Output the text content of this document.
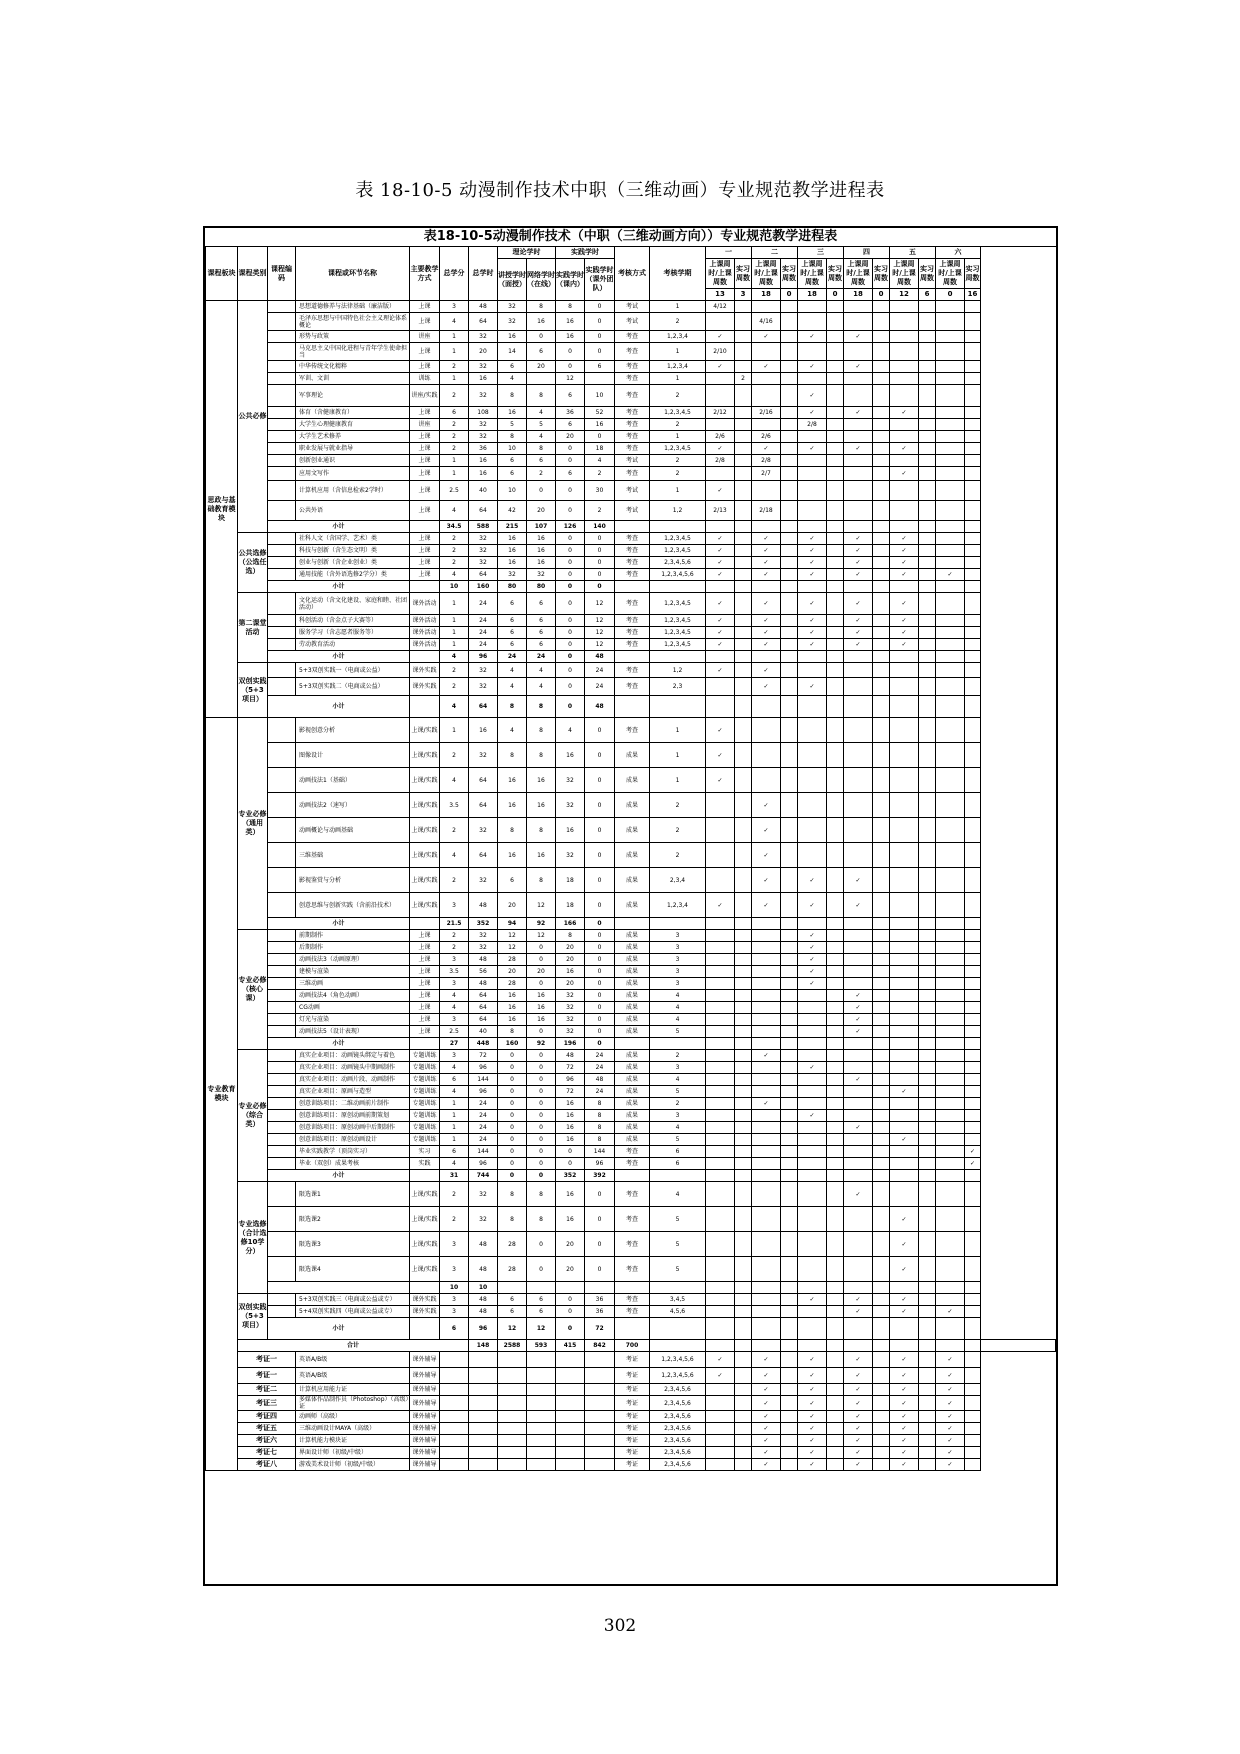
表 18-10-5 动漫制作技术中职（三维动画）专业规范教学进程表
表18-10-5动漫制作技术（中职（三维动画方向））专业规范教学进程表
课程板块	课程类别	课程编码	课程或环节名称	主要教学方式	总学分	总学时	理论学时		实践学时		考核方式	考核学期	一		二		三		四		五		六		
							讲授学时（面授）	网络学时（在线）	实践学时（课内）	实践学时（课外团队）			上课周时/上课周数	实习周数	上课周时/上课周数	实习周数	上课周时/上课周数	实习周数	上课周时/上课周数	实习周数	上课周时/上课周数	实习周数	上课周时/上课周数	实习周数	
													13	3	18	0	18	0	18	0	12	6	0	16	
思政与基础教育模块	公共必修		思想道德修养与法律基础（廉洁版）	上课	3	48	32	8	8	0	考试	1	4/12												
			毛泽东思想与中国特色社会主义理论体系概论	上课	4	64	32	16	16	0	考试	2			4/16										
			形势与政策	讲座	1	32	16	0	16	0	考查	1,2,3,4	✓		✓		✓		✓						
			马克思主义中国化进程与青年学生使命担当	上课	1	20	14	6	0	0	考查	1	2/10												
			中华传统文化精粹	上课	2	32	6	20	0	6	考查	1,2,3,4	✓		✓		✓		✓						
			军训、文训	训练	1	16	4		12		考查	1		2											
			军事理论	讲座/实践	2	32	8	8	6	10	考查	2					✓								
			体育（含健康教育）	上课	6	108	16	4	36	52	考查	1,2,3,4,5	2/12		2/16		✓		✓		✓				
			大学生心理健康教育	讲座	2	32	5	5	6	16	考查	2					2/8								
			大学生艺术修养	上课	2	32	8	4	20	0	考查	1	2/6		2/6										
			职业发展与就业指导	上课	2	36	10	8	0	18	考查	1,2,3,4,5	✓		✓		✓		✓		✓				
			创新创业通识	上课	1	16	6	6	0	4	考试	2	2/8		2/8										
			应用文写作	上课	1	16	6	2	6	2	考查	2			2/7						✓				
			计算机应用（含信息检索2学时）	上课	2.5	40	10	0	0	30	考试	1	✓												
			公共外语	上课	4	64	42	20	0	2	考试	1,2	2/13		2/18										
		小计			34.5	588	215	107	126	140															
	公共选修（公选任选）		社科人文（含国学、艺术）类	上课	2	32	16	16	0	0	考查	1,2,3,4,5	✓		✓		✓		✓		✓				
			科技与创新（含生态文明）类	上课	2	32	16	16	0	0	考查	1,2,3,4,5	✓		✓		✓		✓		✓				
			创业与创新（含企业创业）类	上课	2	32	16	16	0	0	考查	2,3,4,5,6	✓		✓		✓		✓		✓				
			通用技能（含外语选修2学分）类	上课	4	64	32	32	0	0	考查	1,2,3,4,5,6	✓		✓		✓		✓		✓		✓		
		小计			10	160	80	80	0	0															
	第二课堂活动		文化运动（含文化建设、家庭和睦、社团活动）	课外活动	1	24	6	6	0	12	考查	1,2,3,4,5	✓		✓		✓		✓		✓				
			科创活动（含金点子大赛等）	课外活动	1	24	6	6	0	12	考查	1,2,3,4,5	✓		✓		✓		✓		✓				
			服务学习（含志愿者服务等）	课外活动	1	24	6	6	0	12	考查	1,2,3,4,5	✓		✓		✓		✓		✓				
			劳动教育活动	课外活动	1	24	6	6	0	12	考查	1,2,3,4,5	✓		✓		✓		✓		✓				
		小计			4	96	24	24	0	48															
	双创实践（5+3项目）		5+3双创实践一（电商或公益）	课外实践	2	32	4	4	0	24	考查	1,2	✓		✓										
			5+3双创实践二（电商或公益）	课外实践	2	32	4	4	0	24	考查	2,3			✓		✓								
		小计			4	64	8	8	0	48															
专业教育模块	专业必修（通用类）		影视创意分析	上课/实践	1	16	4	8	4	0	考查	1	✓												
			图像设计	上课/实践	2	32	8	8	16	0	成果	1	✓												
			动画技法1（基础）	上课/实践	4	64	16	16	32	0	成果	1	✓												
			动画技法2（速写）	上课/实践	3.5	64	16	16	32	0	成果	2			✓										
			动画概论与动画基础	上课/实践	2	32	8	8	16	0	成果	2			✓										
			三维基础	上课/实践	4	64	16	16	32	0	成果	2			✓										
			影视鉴赏与分析	上课/实践	2	32	6	8	18	0	成果	2,3,4			✓		✓		✓						
			创意思维与创新实践（含前沿技术）	上课/实践	3	48	20	12	18	0	成果	1,2,3,4	✓		✓		✓		✓						
		小计			21.5	352	94	92	166	0															
	专业必修（核心课）		前期制作	上课	2	32	12	12	8	0	成果	3					✓								
			后期制作	上课	2	32	12	0	20	0	成果	3					✓								
			动画技法3（动画原理）	上课	3	48	28	0	20	0	成果	3					✓								
			建模与渲染	上课	3.5	56	20	20	16	0	成果	3					✓								
			三维动画	上课	3	48	28	0	20	0	成果	3					✓								
			动画技法4（角色动画）	上课	4	64	16	16	32	0	成果	4							✓						
			CG动画	上课	4	64	16	16	32	0	成果	4							✓						
			灯光与渲染	上课	3	64	16	16	32	0	成果	4							✓						
			动画技法5（设计表现）	上课	2.5	40	8	0	32	0	成果	5							✓						
		小计			27	448	160	92	196	0															
	专业必修（综合类）		真实企业项目：动画镜头绑定与着色	专题训练	3	72	0	0	48	24	成果	2			✓										
			真实企业项目：动画镜头中期画制作	专题训练	4	96	0	0	72	24	成果	3					✓								
			真实企业项目：动画片段、动画制作	专题训练	6	144	0	0	96	48	成果	4							✓						
			真实企业项目：原画与造型	专题训练	4	96	0	0	72	24	成果	5									✓				
			创意训练项目：二维动画前片制作	专题训练	1	24	0	0	16	8	成果	2			✓										
			创意训练项目：原创动画前期策划	专题训练	1	24	0	0	16	8	成果	3					✓								
			创意训练项目：原创动画中后期制作	专题训练	1	24	0	0	16	8	成果	4							✓						
			创意训练项目：原创动画设计	专题训练	1	24	0	0	16	8	成果	5									✓				
			毕业实践教学（顶岗实习）	实习	6	144	0	0	0	144	考查	6												✓	
			毕业（双创）成果考核	实践	4	96	0	0	0	96	考查	6												✓	
		小计			31	744	0	0	352	392															
	专业选修（合计选修10学分）		限选课1	上课/实践	2	32	8	8	16	0	考查	4							✓						
			限选课2	上课/实践	2	32	8	8	16	0	考查	5									✓				
			限选课3	上课/实践	3	48	28	0	20	0	考查	5									✓				
			限选课4	上课/实践	3	48	28	0	20	0	考查	5									✓				
					10	10																			
	双创实践（5+3项目）		5+3双创实践三（电商或公益或专）	课外实践	3	48	6	6	0	36	考查	3,4,5					✓		✓		✓				
			5+4双创实践四（电商或公益或专）	课外实践	3	48	6	6	0	36	考查	4,5,6							✓		✓		✓		
		小计			6	96	12	12	0	72															
	合计					148	2588	593	415	842	700														
	考证一		英语A/B级	课外辅导							考证	1,2,3,4,5,6	✓		✓		✓		✓		✓		✓		
	考证一		英语A/B级	课外辅导							考证	1,2,3,4,5,6	✓		✓		✓		✓		✓		✓		
	考证二		计算机应用能力证	课外辅导							考证	2,3,4,5,6			✓		✓		✓		✓		✓		
	考证三		多媒体作品制作员（Photoshop）（高级）证	课外辅导							考证	2,3,4,5,6			✓		✓		✓		✓		✓		
	考证四		动画师（高级）	课外辅导							考证	2,3,4,5,6			✓		✓		✓		✓		✓		
	考证五		三维动画设计MAYA（高级）	课外辅导							考证	2,3,4,5,6			✓		✓		✓		✓		✓		
	考证六		计算机能力模块证	课外辅导							考证	2,3,4,5,6			✓		✓		✓		✓		✓		
	考证七		界面设计师（初级/中级）	课外辅导							考证	2,3,4,5,6			✓		✓		✓		✓		✓		
	考证八		游戏美术设计师（初级/中级）	课外辅导							考证	2,3,4,5,6			✓		✓		✓		✓		✓		
302
